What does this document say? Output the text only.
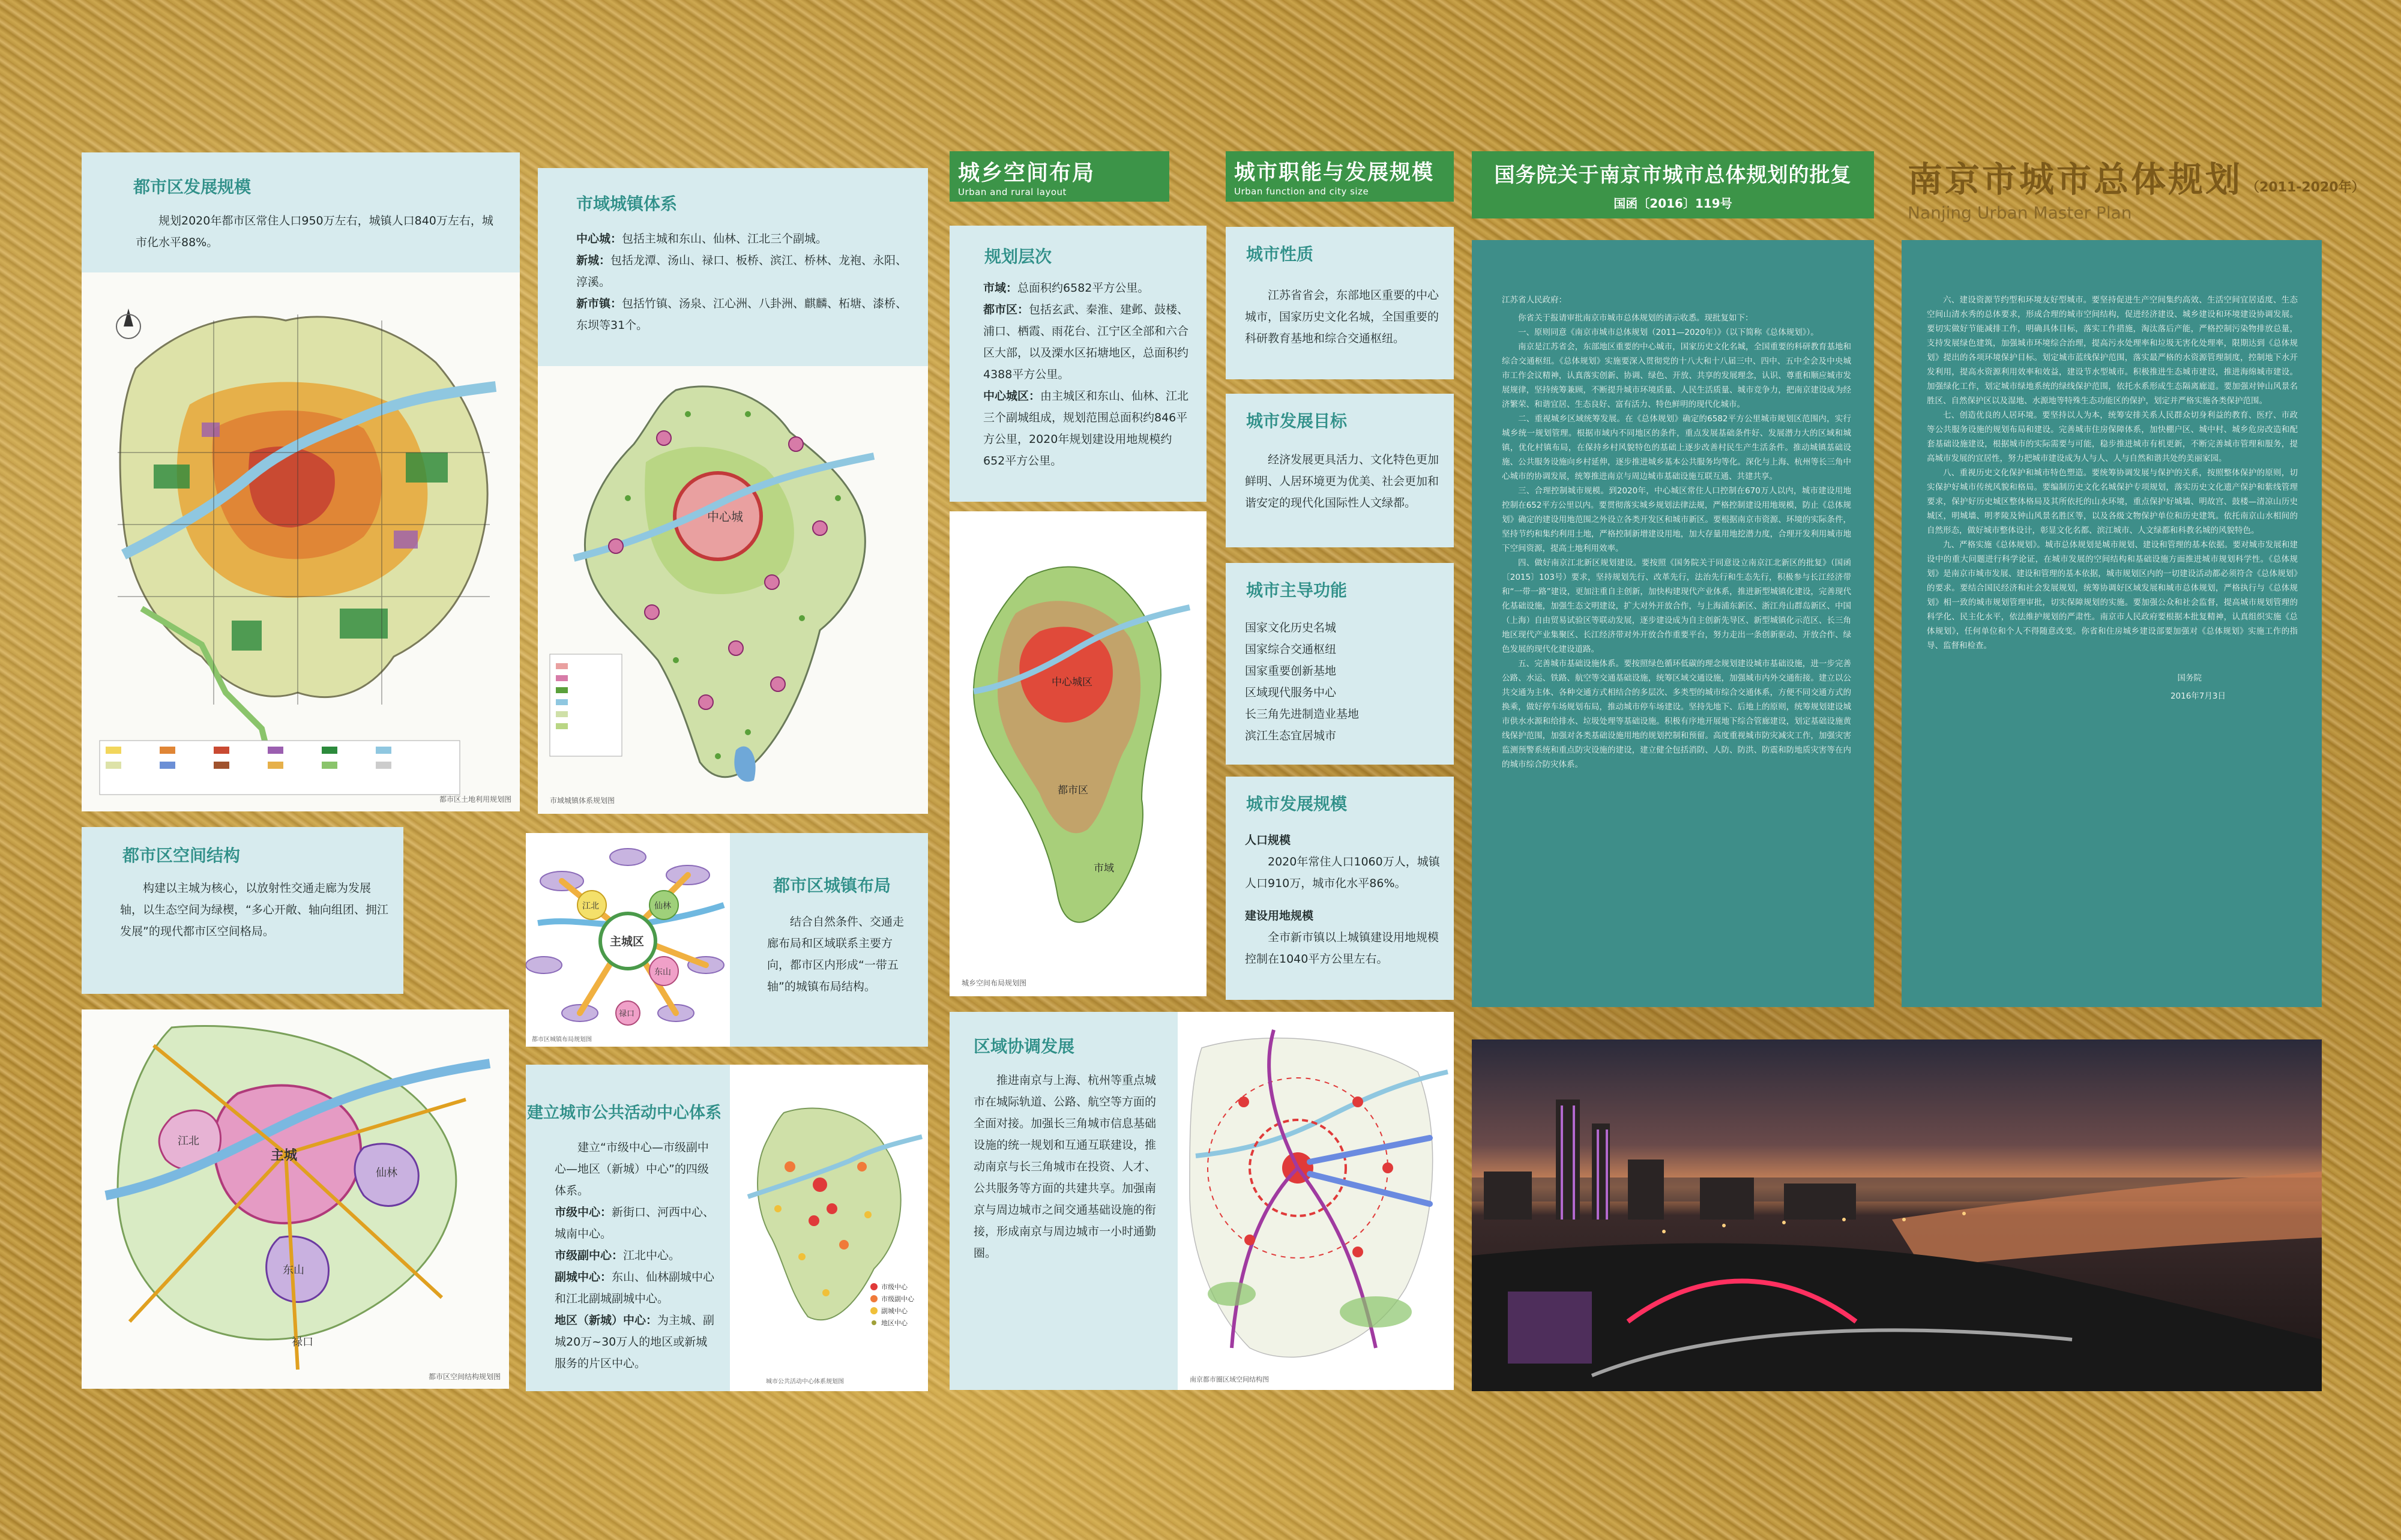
南京市城市总体规划 （2011-2020年）
Nanjing Urban Master Plan
城乡空间布局
Urban and rural layout
城市职能与发展规模
Urban function and city size
国务院关于南京市城市总体规划的批复
国函〔2016〕119号
都市区发展规模
规划2020年都市区常住人口950万左右，城镇人口840万左右，城市化水平88%。
都市区土地利用规划图
市域城镇体系
中心城：包括主城和东山、仙林、江北三个副城。
新城：包括龙潭、汤山、禄口、板桥、滨江、桥林、龙袍、永阳、淳溪。
新市镇：包括竹镇、汤泉、江心洲、八卦洲、麒麟、柘塘、漆桥、东坝等31个。
中心城
市域城镇体系规划图
都市区空间结构
构建以主城为核心，以放射性交通走廊为发展轴，以生态空间为绿楔，“多心开敞、轴向组团、拥江发展”的现代都市区空间格局。
主城
江北
仙林
东山
禄口
都市区空间结构规划图
江北	仙林
东山
禄口
主城区
都市区城镇布局规划图
都市区城镇布局
结合自然条件、交通走廊布局和区域联系主要方向，都市区内形成“一带五轴”的城镇布局结构。
建立城市公共活动中心体系
建立“市级中心—市级副中心—地区（新城）中心”的四级体系。
市级中心：新街口、河西中心、城南中心。
市级副中心：江北中心。
副城中心：东山、仙林副城中心和江北副城副城中心。
地区（新城）中心：为主城、副城20万~30万人的地区或新城服务的片区中心。
市级中心
市级副中心
副城中心
地区中心
城市公共活动中心体系规划图
规划层次
市域：总面积约6582平方公里。
都市区：包括玄武、秦淮、建邺、鼓楼、浦口、栖霞、雨花台、江宁区全部和六合区大部，以及溧水区拓塘地区，总面积约4388平方公里。
中心城区：由主城区和东山、仙林、江北三个副城组成，规划范围总面积约846平方公里，2020年规划建设用地规模约652平方公里。
中心城区
都市区
市域
城乡空间布局规划图
区域协调发展
推进南京与上海、杭州等重点城市在城际轨道、公路、航空等方面的全面对接。加强长三角城市信息基础设施的统一规划和互通互联建设，推动南京与长三角城市在投资、人才、公共服务等方面的共建共享。加强南京与周边城市之间交通基础设施的衔接，形成南京与周边城市一小时通勤圈。
南京都市圈区域空间结构图
城市性质
江苏省省会，东部地区重要的中心城市，国家历史文化名城，全国重要的科研教育基地和综合交通枢纽。
城市发展目标
经济发展更具活力、文化特色更加鲜明、人居环境更为优美、社会更加和谐安定的现代化国际性人文绿都。
城市主导功能
国家文化历史名城
国家综合交通枢纽
国家重要创新基地
区域现代服务中心
长三角先进制造业基地
滨江生态宜居城市
城市发展规模
人口规模
2020年常住人口1060万人，城镇人口910万，城市化水平86%。
建设用地规模
全市新市镇以上城镇建设用地规模控制在1040平方公里左右。
江苏省人民政府：

你省关于报请审批南京市城市总体规划的请示收悉。现批复如下：

一、原则同意《南京市城市总体规划（2011—2020年）》（以下简称《总体规划》）。

南京是江苏省会，东部地区重要的中心城市，国家历史文化名城，全国重要的科研教育基地和综合交通枢纽。《总体规划》实施要深入贯彻党的十八大和十八届三中、四中、五中全会及中央城市工作会议精神，认真落实创新、协调、绿色、开放、共享的发展理念，认识、尊重和顺应城市发展规律，坚持统筹兼顾，不断提升城市环境质量、人民生活质量、城市竞争力，把南京建设成为经济繁荣、和谐宜居、生态良好、富有活力、特色鲜明的现代化城市。

二、重视城乡区域统筹发展。在《总体规划》确定的6582平方公里城市规划区范围内，实行城乡统一规划管理。根据市域内不同地区的条件，重点发展基础条件好、发展潜力大的区域和城镇，优化村镇布局，在保持乡村风貌特色的基础上逐步改善村民生产生活条件。推动城镇基础设施、公共服务设施向乡村延伸，逐步推进城乡基本公共服务均等化。深化与上海、杭州等长三角中心城市的协调发展，统筹推进南京与周边城市基础设施互联互通、共建共享。

三、合理控制城市规模。到2020年，中心城区常住人口控制在670万人以内，城市建设用地控制在652平方公里以内。要贯彻落实城乡规划法律法规，严格控制建设用地规模，防止《总体规划》确定的建设用地范围之外设立各类开发区和城市新区。要根据南京市资源、环境的实际条件，坚持节约和集约利用土地，严格控制新增建设用地，加大存量用地挖潜力度，合理开发利用城市地下空间资源，提高土地利用效率。

四、做好南京江北新区规划建设。要按照《国务院关于同意设立南京江北新区的批复》（国函〔2015〕103号）要求，坚持规划先行、改革先行，法治先行和生态先行，积极参与长江经济带和“一带一路”建设，更加注重自主创新，加快构建现代产业体系，推进新型城镇化建设，完善现代化基础设施，加强生态文明建设，扩大对外开放合作，与上海浦东新区、浙江舟山群岛新区、中国（上海）自由贸易试验区等联动发展，逐步建设成为自主创新先导区、新型城镇化示范区、长三角地区现代产业集聚区、长江经济带对外开放合作重要平台，努力走出一条创新驱动、开放合作、绿色发展的现代化建设道路。

五、完善城市基础设施体系。要按照绿色循环低碳的理念规划建设城市基础设施，进一步完善公路、水运、铁路、航空等交通基础设施，统筹区域交通设施，加强城市内外交通衔接。建立以公共交通为主体、各种交通方式相结合的多层次、多类型的城市综合交通体系，方便不同交通方式的换乘，做好停车场规划布局，推动城市停车场建设。坚持先地下、后地上的原则，统筹规划建设城市供水水源和给排水、垃圾处理等基础设施。积极有序地开展地下综合管廊建设，划定基础设施黄线保护范围，加强对各类基础设施用地的规划控制和预留。高度重视城市防灾减灾工作，加强灾害监测预警系统和重点防灾设施的建设，建立健全包括消防、人防、防洪、防震和防地质灾害等在内的城市综合防灾体系。

六、建设资源节约型和环境友好型城市。要坚持促进生产空间集约高效、生活空间宜居适度、生态空间山清水秀的总体要求，形成合理的城市空间结构，促进经济建设、城乡建设和环境建设协调发展。要切实做好节能减排工作，明确具体目标，落实工作措施，淘汰落后产能，严格控制污染物排放总量，支持发展绿色建筑，加强城市环境综合治理，提高污水处理率和垃圾无害化处理率，限期达到《总体规划》提出的各项环境保护目标。划定城市蓝线保护范围，落实最严格的水资源管理制度，控制地下水开发利用，提高水资源利用效率和效益，建设节水型城市。积极推进生态城市建设，推进海绵城市建设。加强绿化工作，划定城市绿地系统的绿线保护范围，依托水系形成生态隔离廊道。要加强对钟山风景名胜区、自然保护区以及湿地、水源地等特殊生态功能区的保护，划定并严格实施各类保护范围。

七、创造优良的人居环境。要坚持以人为本，统筹安排关系人民群众切身利益的教育、医疗、市政等公共服务设施的规划布局和建设。完善城市住房保障体系，加快棚户区、城中村、城乡危房改造和配套基础设施建设，根据城市的实际需要与可能，稳步推进城市有机更新，不断完善城市管理和服务，提高城市发展的宜居性，努力把城市建设成为人与人、人与自然和谐共处的美丽家园。

八、重视历史文化保护和城市特色塑造。要统筹协调发展与保护的关系，按照整体保护的原则，切实保护好城市传统风貌和格局。要编制历史文化名城保护专项规划，落实历史文化遗产保护和紫线管理要求，保护好历史城区整体格局及其所依托的山水环境，重点保护好城墙、明故宫、鼓楼—清凉山历史城区，明城墙、明孝陵及钟山风景名胜区等，以及各级文物保护单位和历史建筑。依托南京山水相间的自然形态，做好城市整体设计，彰显文化名都、滨江城市、人文绿都和科教名城的风貌特色。

九、严格实施《总体规划》。城市总体规划是城市规划、建设和管理的基本依据。要对城市发展和建设中的重大问题进行科学论证，在城市发展的空间结构和基础设施方面推进城市规划科学性。《总体规划》是南京市城市发展、建设和管理的基本依据，城市规划区内的一切建设活动都必须符合《总体规划》的要求。要结合国民经济和社会发展规划，统筹协调好区域发展和城市总体规划，严格执行与《总体规划》相一致的城市规划管理审批，切实保障规划的实施。要加强公众和社会监督，提高城市规划管理的科学化、民主化水平，依法维护规划的严肃性。南京市人民政府要根据本批复精神，认真组织实施《总体规划》，任何单位和个人不得随意改变。你省和住房城乡建设部要加强对《总体规划》实施工作的指导、监督和检查。

国务院
2016年7月3日
